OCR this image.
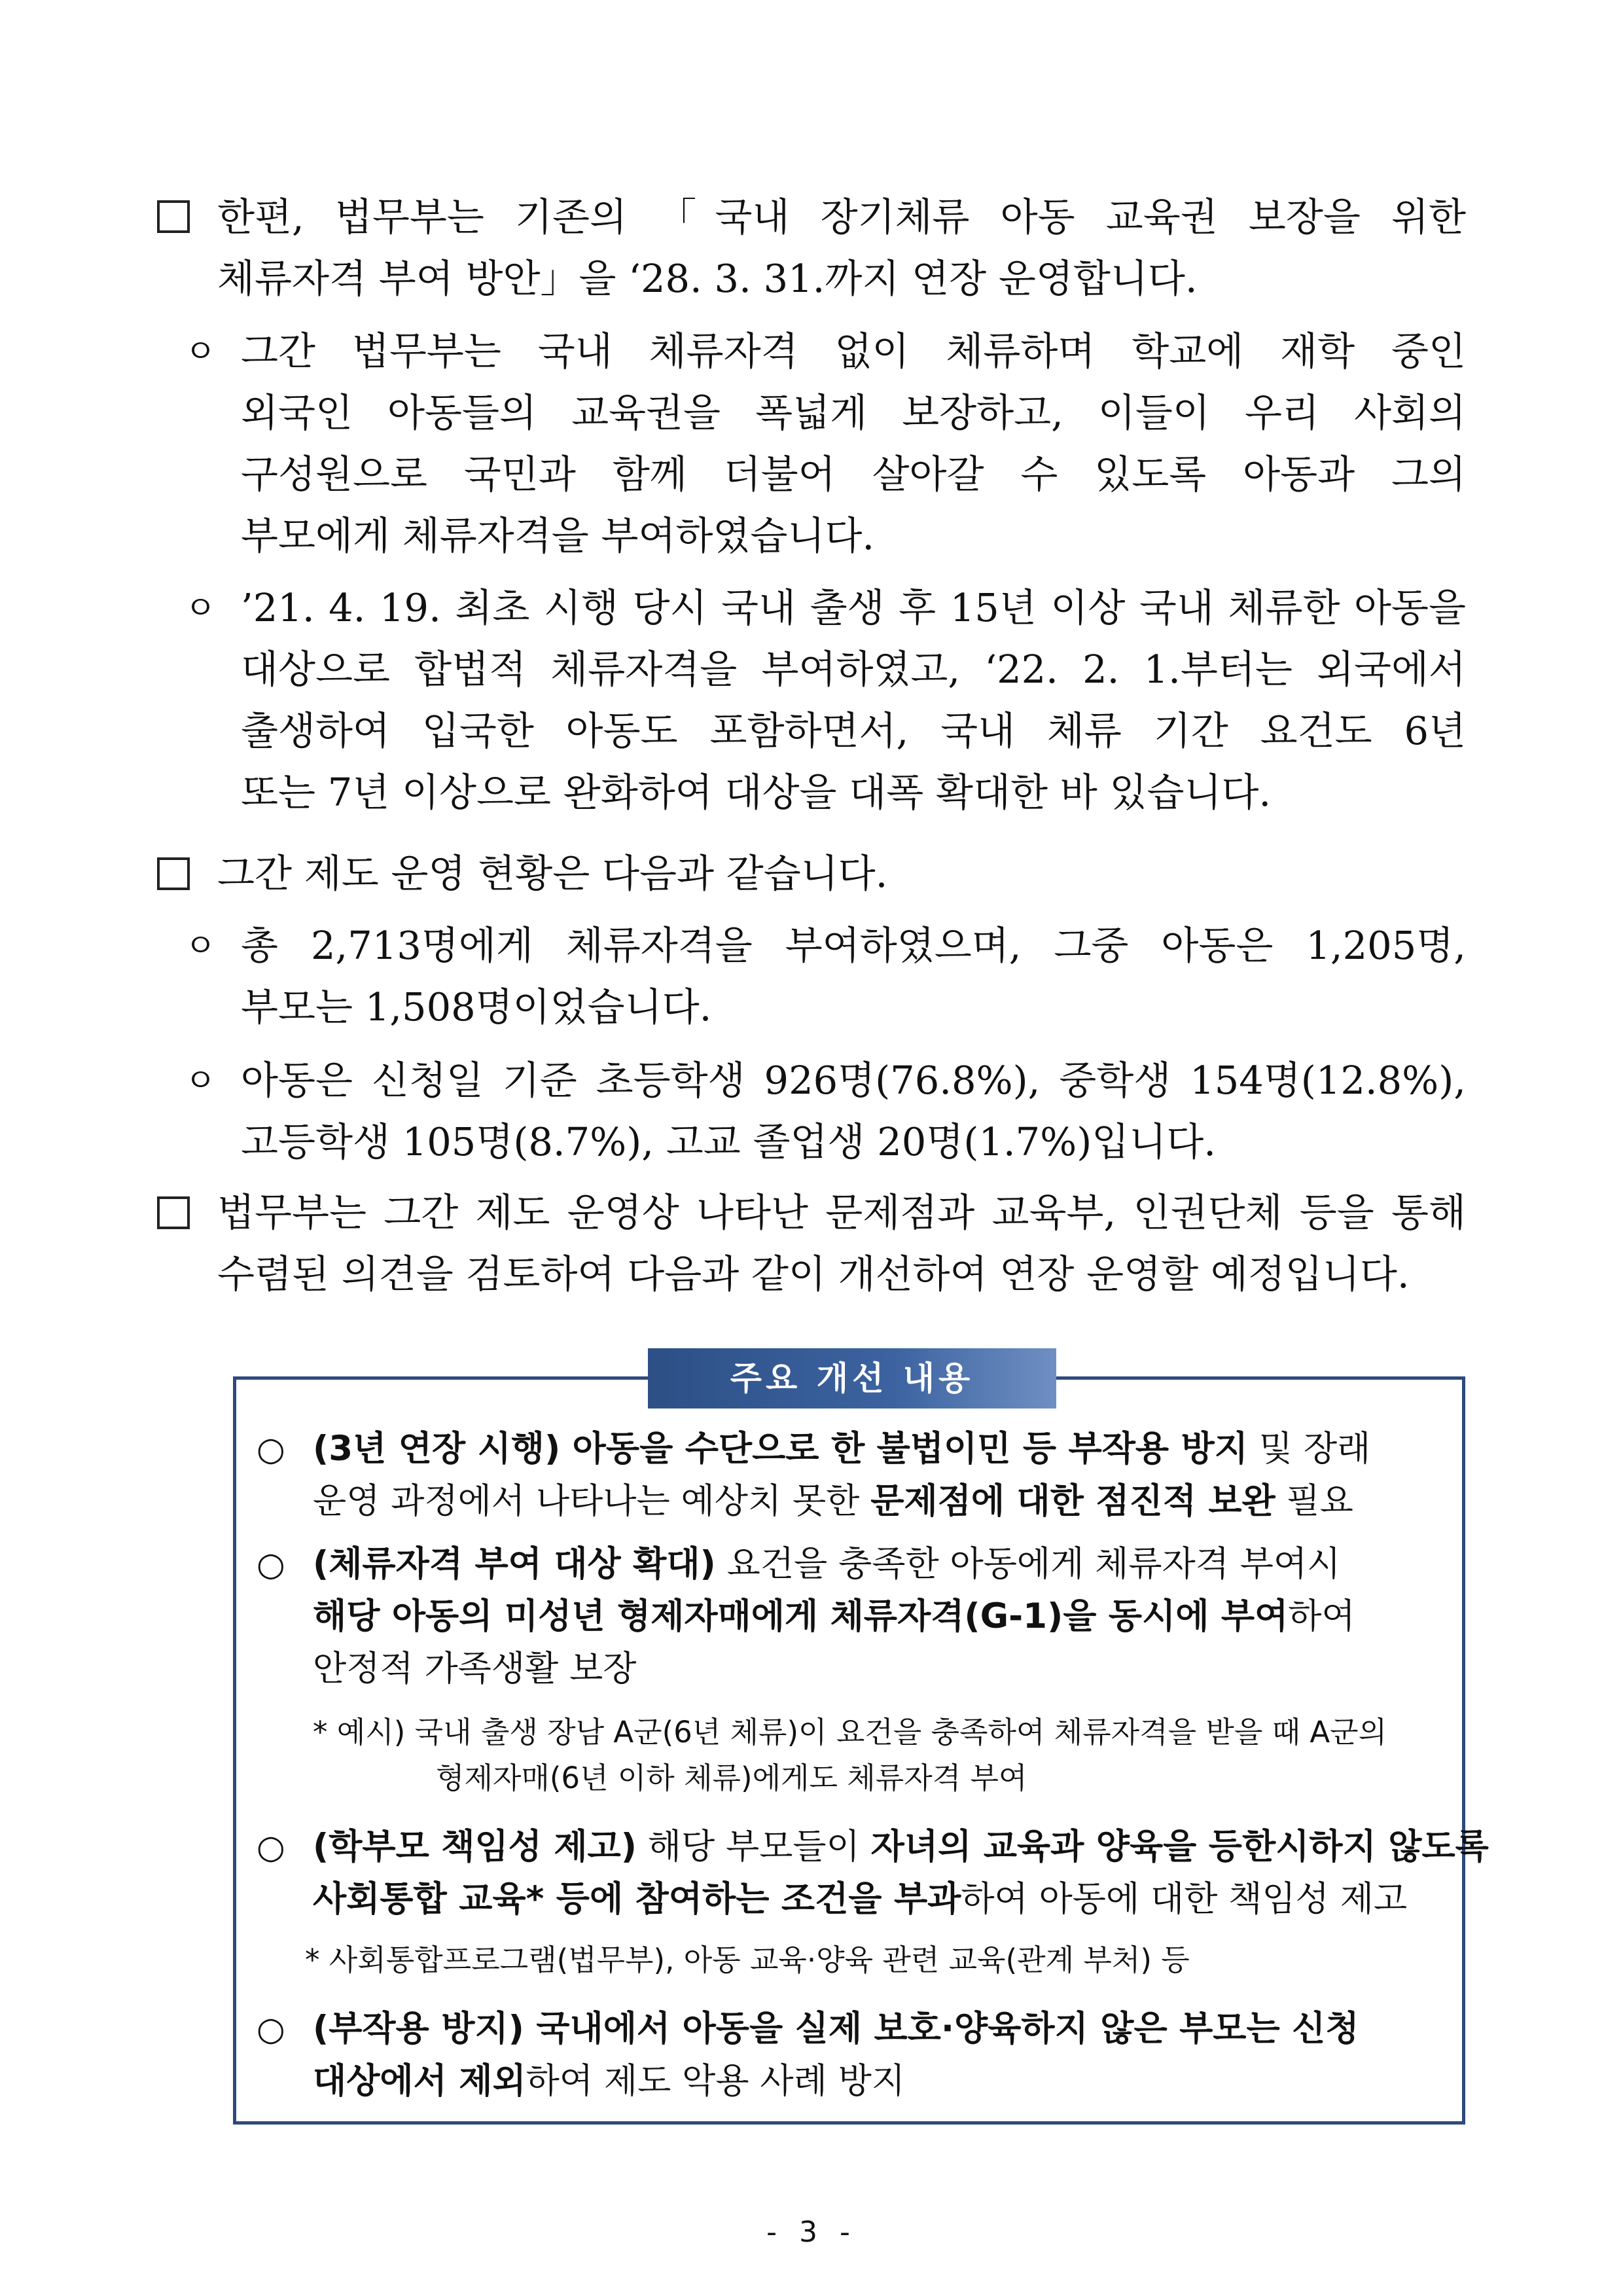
한편, 법무부는 기존의 「국내 장기체류 아동 교육권 보장을 위한
체류자격 부여 방안」을 ‘28. 3. 31.까지 연장 운영합니다.
ㅇ 그간 법무부는 국내 체류자격 없이 체류하며 학교에 재학 중인
외국인 아동들의 교육권을 폭넓게 보장하고, 이들이 우리 사회의
구성원으로 국민과 함께 더불어 살아갈 수 있도록 아동과 그의
부모에게 체류자격을 부여하였습니다.
ㅇ ’21. 4. 19. 최초 시행 당시 국내 출생 후 15년 이상 국내 체류한 아동을
대상으로 합법적 체류자격을 부여하였고, ‘22. 2. 1.부터는 외국에서
출생하여 입국한 아동도 포함하면서, 국내 체류 기간 요건도 6년
또는 7년 이상으로 완화하여 대상을 대폭 확대한 바 있습니다.
그간 제도 운영 현황은 다음과 같습니다.
ㅇ 총 2,713명에게 체류자격을 부여하였으며, 그중 아동은 1,205명,
부모는 1,508명이었습니다.
ㅇ 아동은 신청일 기준 초등학생 926명(76.8%), 중학생 154명(12.8%),
고등학생 105명(8.7%), 고교 졸업생 20명(1.7%)입니다.
법무부는 그간 제도 운영상 나타난 문제점과 교육부, 인권단체 등을 통해
수렴된 의견을 검토하여 다음과 같이 개선하여 연장 운영할 예정입니다.
주요 개선 내용
○ (3년 연장 시행) 아동을 수단으로 한 불법이민 등 부작용 방지 및 장래
운영 과정에서 나타나는 예상치 못한 문제점에 대한 점진적 보완 필요
○ (체류자격 부여 대상 확대) 요건을 충족한 아동에게 체류자격 부여시
해당 아동의 미성년 형제자매에게 체류자격(G-1)을 동시에 부여하여
안정적 가족생활 보장
* 예시) 국내 출생 장남 A군(6년 체류)이 요건을 충족하여 체류자격을 받을 때 A군의
형제자매(6년 이하 체류)에게도 체류자격 부여
○ (학부모 책임성 제고) 해당 부모들이 자녀의 교육과 양육을 등한시하지 않도록
사회통합 교육* 등에 참여하는 조건을 부과하여 아동에 대한 책임성 제고
* 사회통합프로그램(법무부), 아동 교육·양육 관련 교육(관계 부처) 등
○ (부작용 방지) 국내에서 아동을 실제 보호·양육하지 않은 부모는 신청
대상에서 제외하여 제도 악용 사례 방지
- 3 -
